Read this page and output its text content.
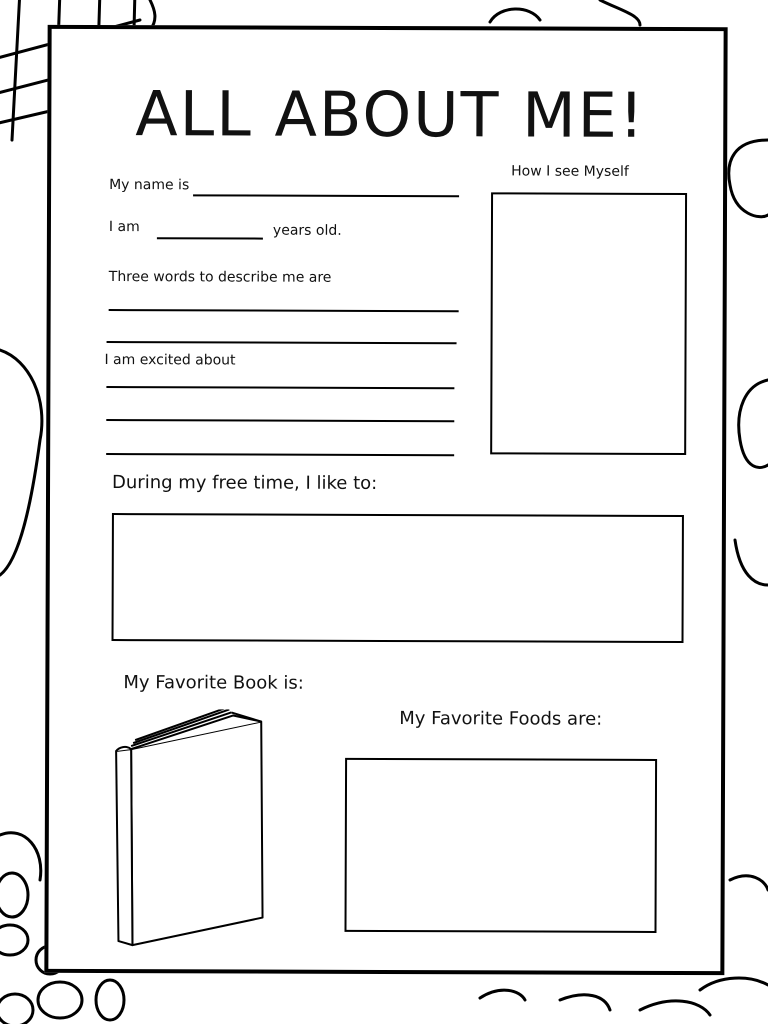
ALL ABOUT ME!
My name is
I am	years old.
Three words to describe me are
I am excited about
How I see Myself
During my free time, I like to:
My Favorite Book is:
My Favorite Foods are:
